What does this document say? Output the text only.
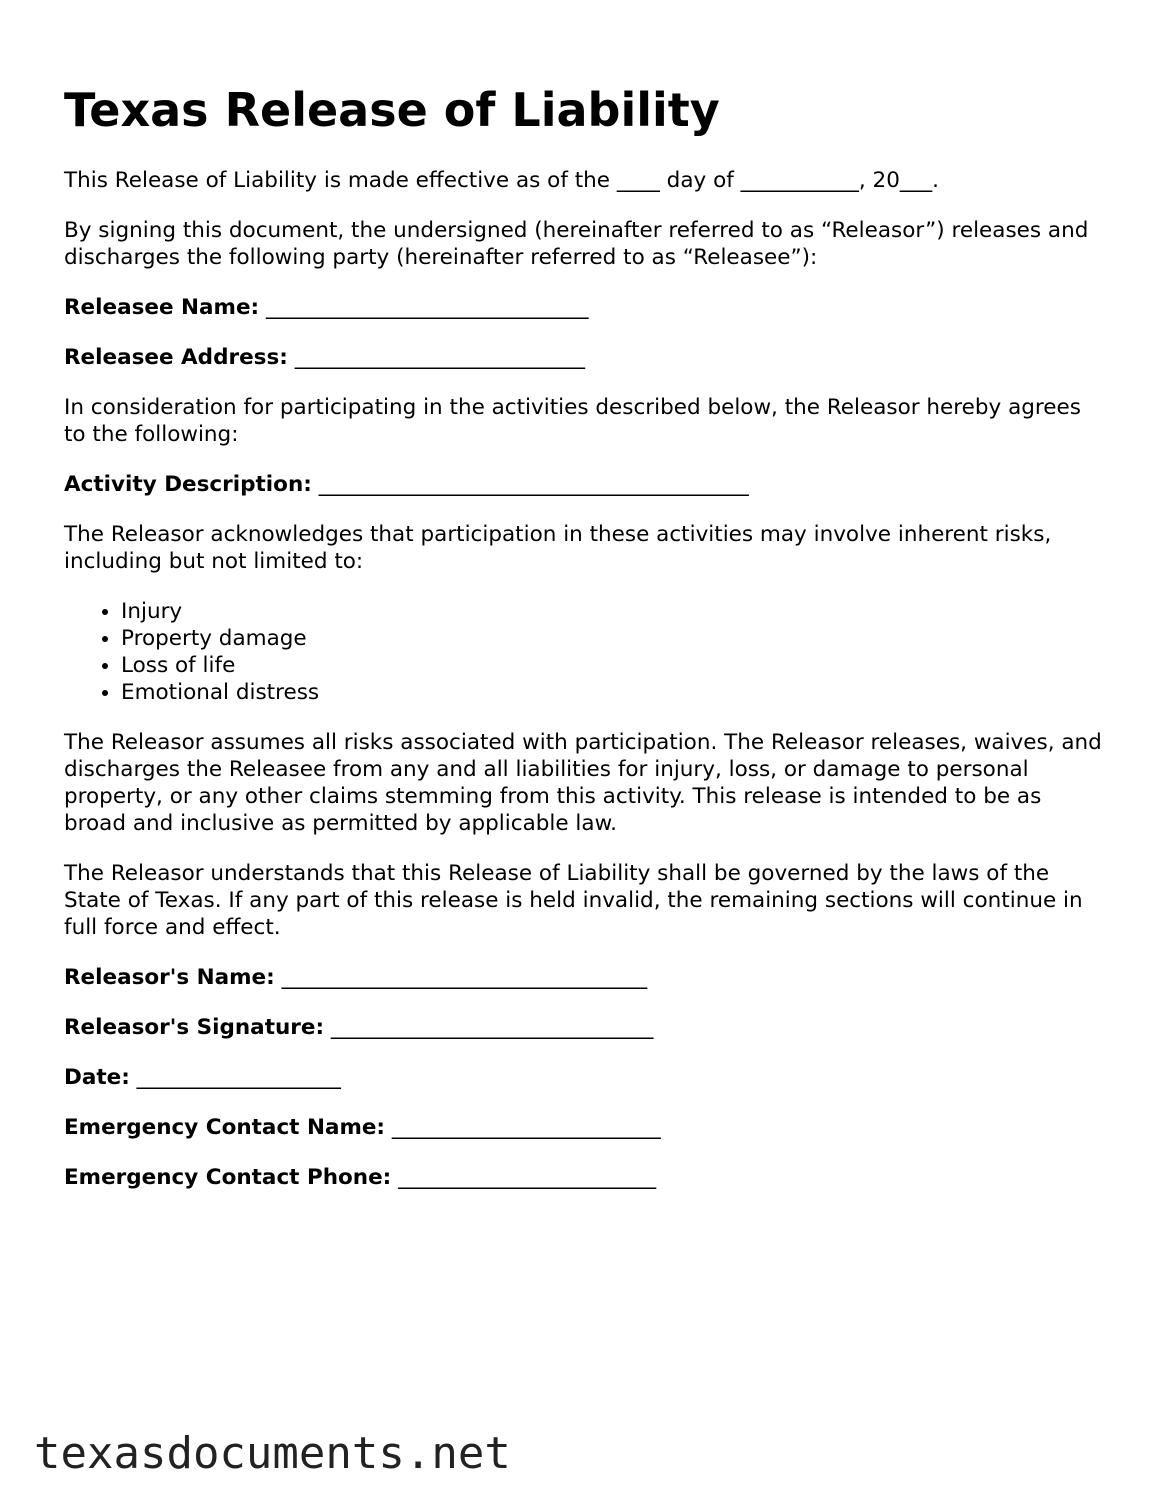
Texas Release of Liability

This Release of Liability is made effective as of the ____ day of ___________, 20___.

By signing this document, the undersigned (hereinafter referred to as “Releasor”) releases and discharges the following party (hereinafter referred to as “Releasee”):

Releasee Name: ______________________________
Releasee Address: ___________________________

In consideration for participating in the activities described below, the Releasor hereby agrees to the following:

Activity Description: ________________________________________

The Releasor acknowledges that participation in these activities may involve inherent risks, including but not limited to:

• Injury
• Property damage
• Loss of life
• Emotional distress

The Releasor assumes all risks associated with participation. The Releasor releases, waives, and discharges the Releasee from any and all liabilities for injury, loss, or damage to personal property, or any other claims stemming from this activity. This release is intended to be as broad and inclusive as permitted by applicable law.

The Releasor understands that this Release of Liability shall be governed by the laws of the State of Texas. If any part of this release is held invalid, the remaining sections will continue in full force and effect.

Releasor's Name: __________________________________
Releasor's Signature: ______________________________
Date: ___________________
Emergency Contact Name: _________________________
Emergency Contact Phone: ________________________
texasdocuments.net
